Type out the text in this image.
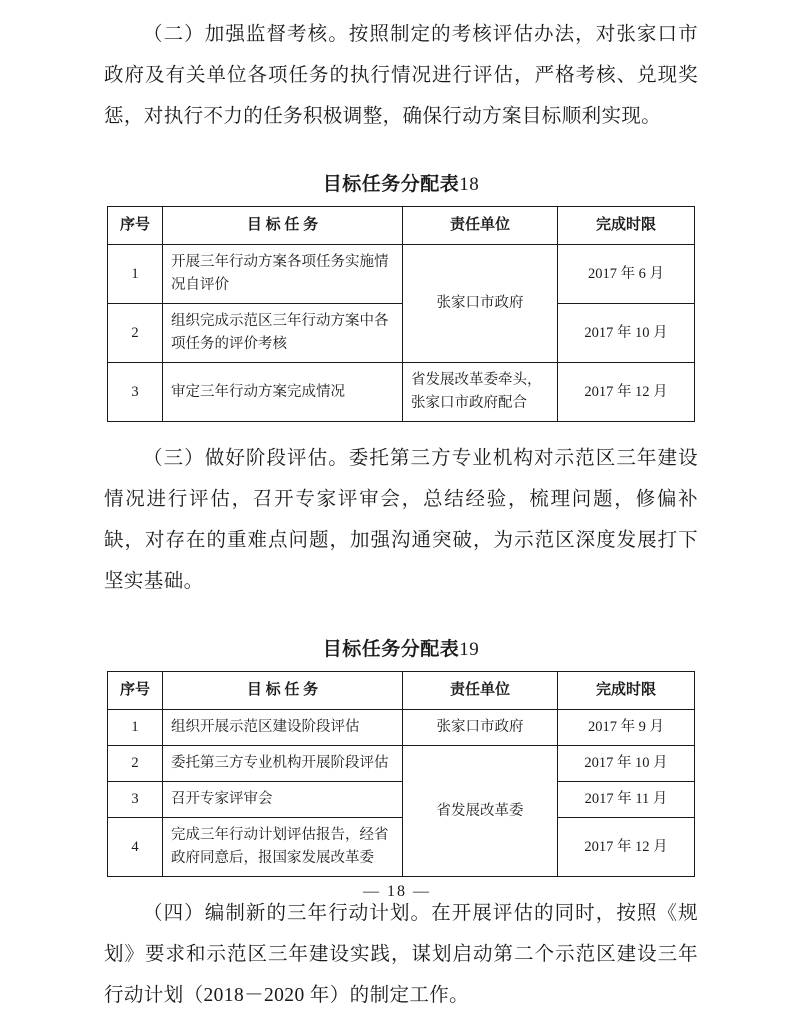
（二）加强监督考核。按照制定的考核评估办法，对张家口市政府及有关单位各项任务的执行情况进行评估，严格考核、兑现奖惩，对执行不力的任务积极调整，确保行动方案目标顺利实现。

目标任务分配表18
序号	目 标 任 务	责任单位	完成时限
1	开展三年行动方案各项任务实施情况自评价	张家口市政府	2017 年 6 月
2	组织完成示范区三年行动方案中各项任务的评价考核		2017 年 10 月
3	审定三年行动方案完成情况	省发展改革委牵头，张家口市政府配合	2017 年 12 月

（三）做好阶段评估。委托第三方专业机构对示范区三年建设情况进行评估，召开专家评审会，总结经验，梳理问题，修偏补缺，对存在的重难点问题，加强沟通突破，为示范区深度发展打下坚实基础。

目标任务分配表19
序号	目 标 任 务	责任单位	完成时限
1	组织开展示范区建设阶段评估	张家口市政府	2017 年 9 月
2	委托第三方专业机构开展阶段评估	省发展改革委	2017 年 10 月
3	召开专家评审会		2017 年 11 月
4	完成三年行动计划评估报告，经省政府同意后，报国家发展改革委		2017 年 12 月

（四）编制新的三年行动计划。在开展评估的同时，按照《规划》要求和示范区三年建设实践，谋划启动第二个示范区建设三年行动计划（2018－2020 年）的制定工作。

— 18 —
